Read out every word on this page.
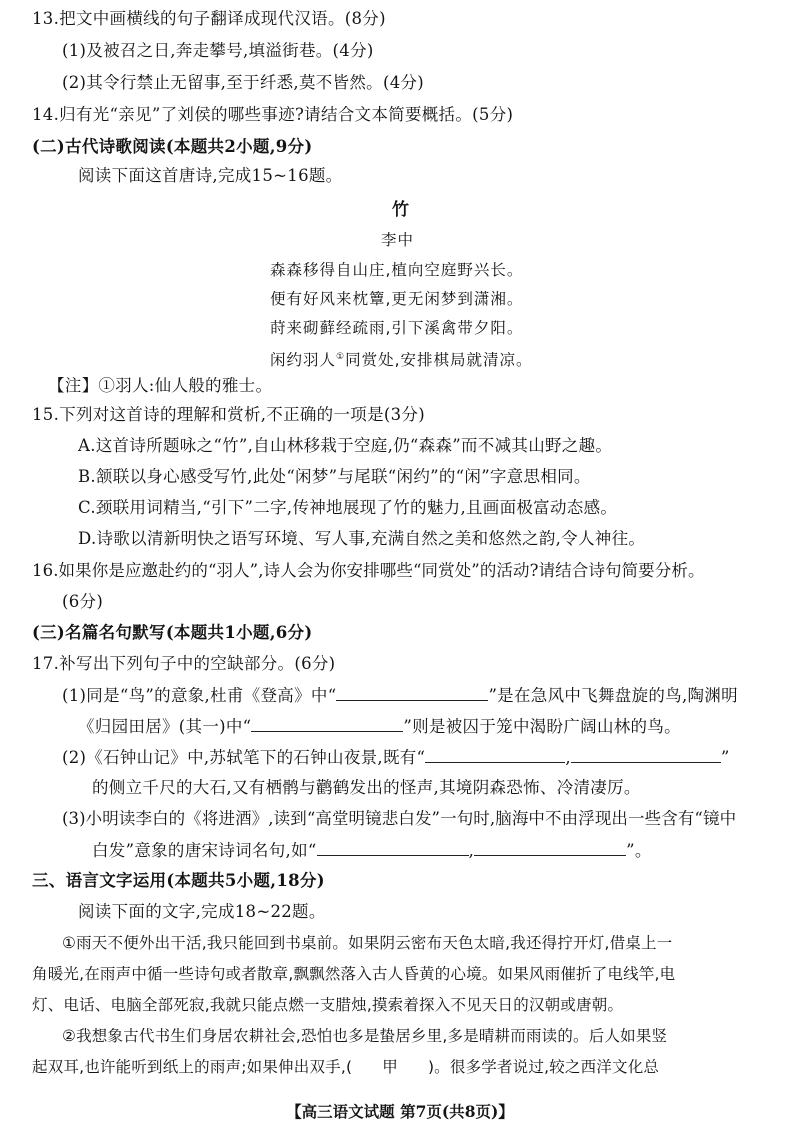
13.把文中画横线的句子翻译成现代汉语。(8分)
(1)及被召之日,奔走攀号,填溢街巷。(4分)
(2)其令行禁止无留事,至于纤悉,莫不皆然。(4分)
14.归有光“亲见”了刘侯的哪些事迹?请结合文本简要概括。(5分)
(二)古代诗歌阅读(本题共2小题,9分)
阅读下面这首唐诗,完成15~16题。
竹
李中
森森移得自山庄,植向空庭野兴长。
便有好风来枕簟,更无闲梦到潇湘。
莳来砌藓经疏雨,引下溪禽带夕阳。
闲约羽人①同赏处,安排棋局就清凉。
【注】①羽人:仙人般的雅士。
15.下列对这首诗的理解和赏析,不正确的一项是(3分)
A.这首诗所题咏之“竹”,自山林移栽于空庭,仍“森森”而不减其山野之趣。
B.颔联以身心感受写竹,此处“闲梦”与尾联“闲约”的“闲”字意思相同。
C.颈联用词精当,“引下”二字,传神地展现了竹的魅力,且画面极富动态感。
D.诗歌以清新明快之语写环境、写人事,充满自然之美和悠然之韵,令人神往。
16.如果你是应邀赴约的“羽人”,诗人会为你安排哪些“同赏处”的活动?请结合诗句简要分析。
(6分)
(三)名篇名句默写(本题共1小题,6分)
17.补写出下列句子中的空缺部分。(6分)
(1)同是“鸟”的意象,杜甫《登高》中“	”是在急风中飞舞盘旋的鸟,陶渊明
《归园田居》(其一)中“	”则是被囚于笼中渴盼广阔山林的鸟。
(2)《石钟山记》中,苏轼笔下的石钟山夜景,既有“	,	”
的侧立千尺的大石,又有栖鹘与鹳鹤发出的怪声,其境阴森恐怖、冷清凄厉。
(3)小明读李白的《将进酒》,读到“高堂明镜悲白发”一句时,脑海中不由浮现出一些含有“镜中
白发”意象的唐宋诗词名句,如“	,	”。
三、语言文字运用(本题共5小题,18分)
阅读下面的文字,完成18~22题。
①雨天不便外出干活,我只能回到书桌前。如果阴云密布天色太暗,我还得拧开灯,借桌上一
角暖光,在雨声中循一些诗句或者散章,飘飘然落入古人昏黄的心境。如果风雨催折了电线竿,电
灯、电话、电脑全部死寂,我就只能点燃一支腊烛,摸索着探入不见天日的汉朝或唐朝。
②我想象古代书生们身居农耕社会,恐怕也多是蛰居乡里,多是晴耕而雨读的。后人如果竖
起双耳,也许能听到纸上的雨声;如果伸出双手,( 甲 )。很多学者说过,较之西洋文化总
【高三语文试题 第7页(共8页)】
